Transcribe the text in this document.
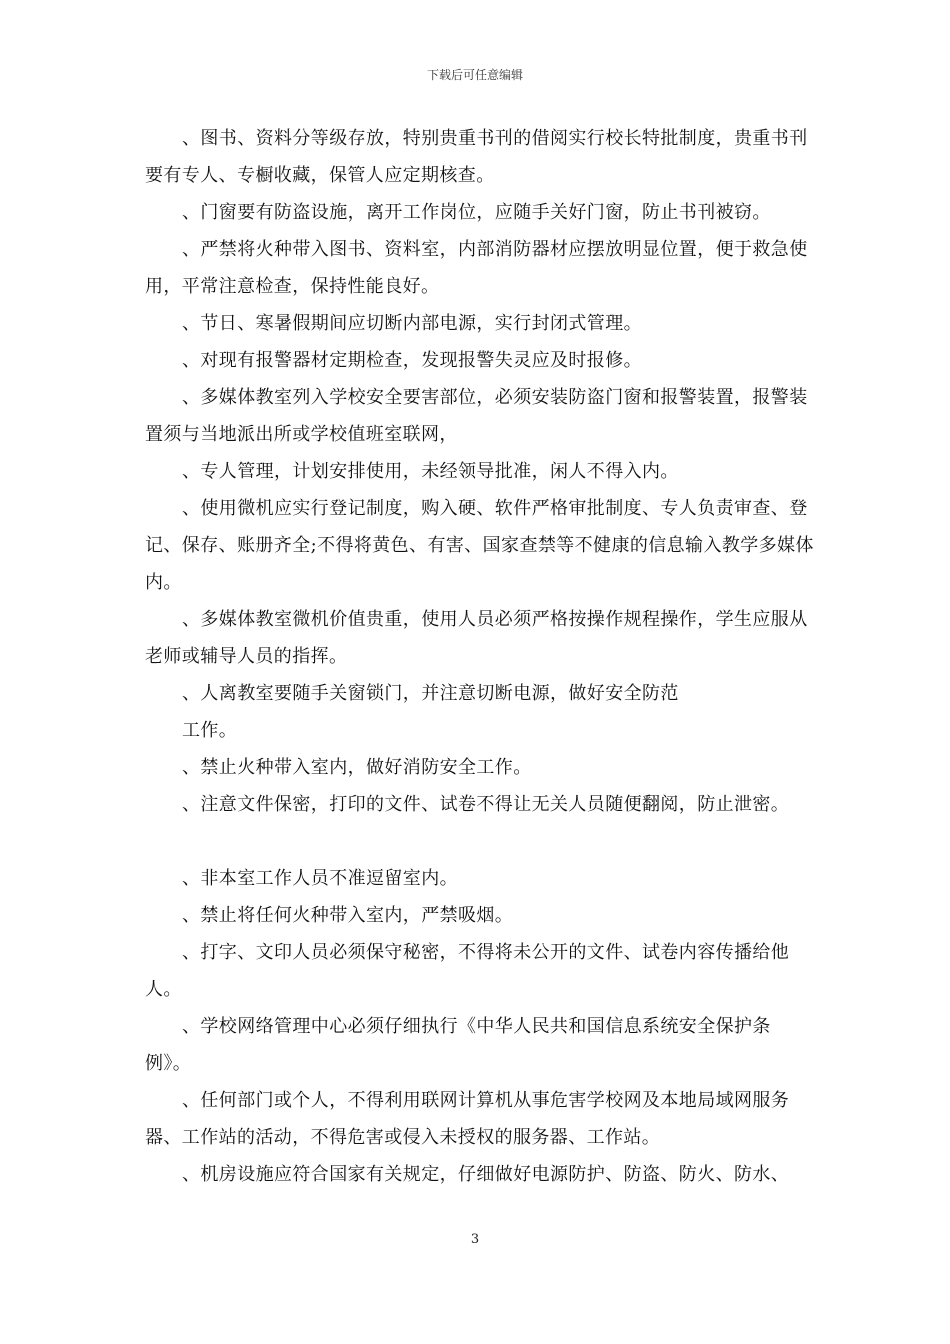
下载后可任意编辑

、图书、资料分等级存放，特别贵重书刊的借阅实行校长特批制度，贵重书刊要有专人、专橱收藏，保管人应定期核查。

、门窗要有防盗设施，离开工作岗位，应随手关好门窗，防止书刊被窃。

、严禁将火种带入图书、资料室，内部消防器材应摆放明显位置，便于救急使用，平常注意检查，保持性能良好。

、节日、寒暑假期间应切断内部电源，实行封闭式管理。

、对现有报警器材定期检查，发现报警失灵应及时报修。

、多媒体教室列入学校安全要害部位，必须安装防盗门窗和报警装置，报警装置须与当地派出所或学校值班室联网，

、专人管理，计划安排使用，未经领导批准，闲人不得入内。

、使用微机应实行登记制度，购入硬、软件严格审批制度、专人负责审查、登记、保存、账册齐全;不得将黄色、有害、国家查禁等不健康的信息输入教学多媒体内。

、多媒体教室微机价值贵重，使用人员必须严格按操作规程操作，学生应服从老师或辅导人员的指挥。

、人离教室要随手关窗锁门，并注意切断电源，做好安全防范

工作。

、禁止火种带入室内，做好消防安全工作。

、注意文件保密，打印的文件、试卷不得让无关人员随便翻阅，防止泄密。

、非本室工作人员不准逗留室内。

、禁止将任何火种带入室内，严禁吸烟。

、打字、文印人员必须保守秘密，不得将未公开的文件、试卷内容传播给他人。

、学校网络管理中心必须仔细执行《中华人民共和国信息系统安全保护条例》。

、任何部门或个人，不得利用联网计算机从事危害学校网及本地局域网服务器、工作站的活动，不得危害或侵入未授权的服务器、工作站。

、机房设施应符合国家有关规定，仔细做好电源防护、防盗、防火、防水、

3
